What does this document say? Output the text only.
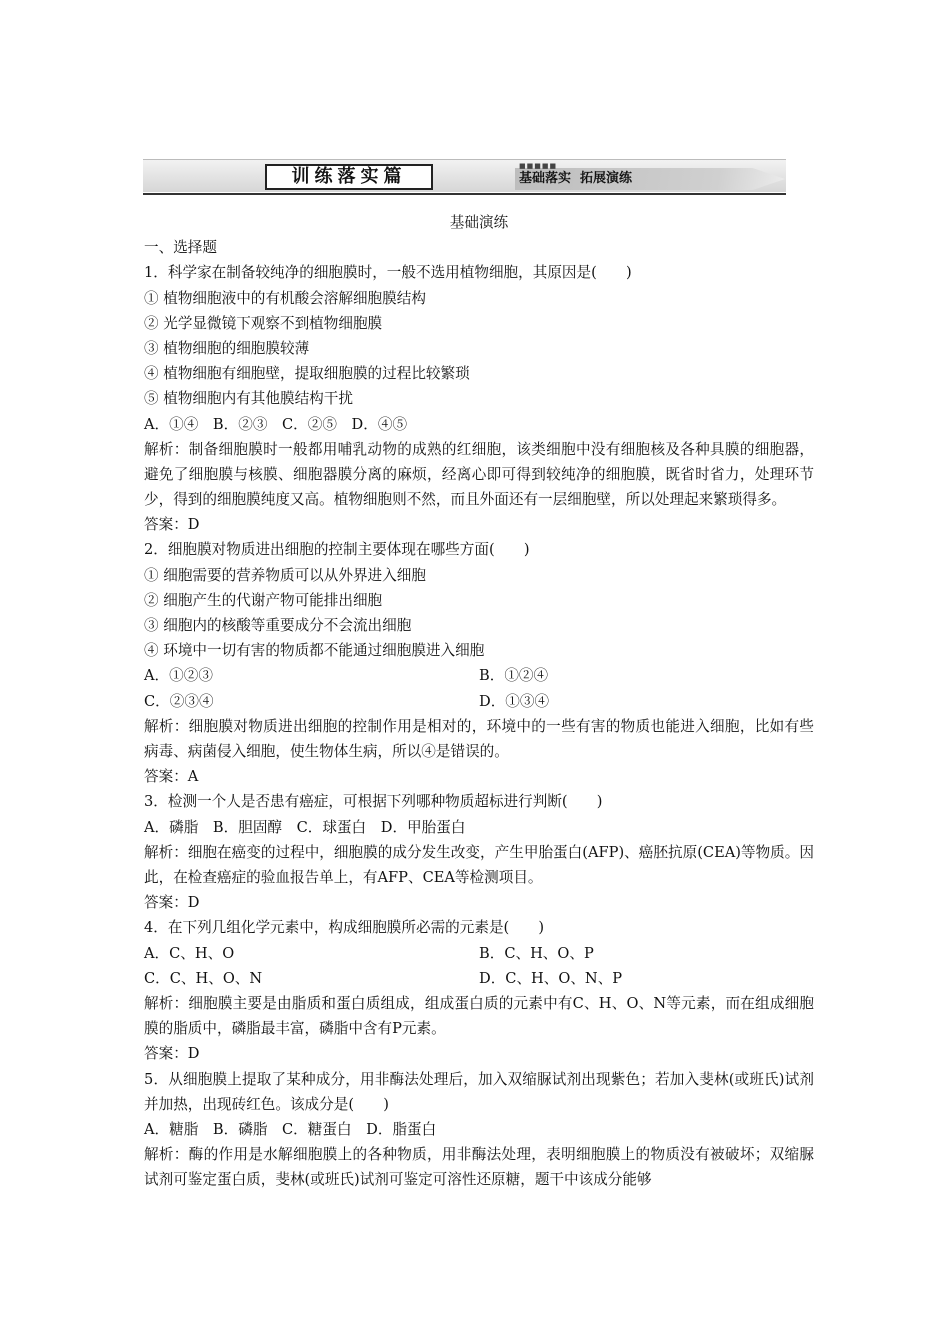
训练落实篇	■■■■■
基础落实  拓展演练
基础演练
一、选择题
1．科学家在制备较纯净的细胞膜时，一般不选用植物细胞，其原因是(　　)
① 植物细胞液中的有机酸会溶解细胞膜结构
② 光学显微镜下观察不到植物细胞膜
③ 植物细胞的细胞膜较薄
④ 植物细胞有细胞壁，提取细胞膜的过程比较繁琐
⑤ 植物细胞内有其他膜结构干扰
A．①④　B．②③　C．②⑤　D．④⑤
解析：制备细胞膜时一般都用哺乳动物的成熟的红细胞，该类细胞中没有细胞核及各种具膜的细胞器，避免了细胞膜与核膜、细胞器膜分离的麻烦，经离心即可得到较纯净的细胞膜，既省时省力，处理环节少，得到的细胞膜纯度又高。植物细胞则不然，而且外面还有一层细胞壁，所以处理起来繁琐得多。
答案：D
2．细胞膜对物质进出细胞的控制主要体现在哪些方面(　　)
① 细胞需要的营养物质可以从外界进入细胞
② 细胞产生的代谢产物可能排出细胞
③ 细胞内的核酸等重要成分不会流出细胞
④ 环境中一切有害的物质都不能通过细胞膜进入细胞
A．①②③	B．①②④
C．②③④	D．①③④
解析：细胞膜对物质进出细胞的控制作用是相对的，环境中的一些有害的物质也能进入细胞，比如有些病毒、病菌侵入细胞，使生物体生病，所以④是错误的。
答案：A
3．检测一个人是否患有癌症，可根据下列哪种物质超标进行判断(　　)
A．磷脂　B．胆固醇　C．球蛋白　D．甲胎蛋白
解析：细胞在癌变的过程中，细胞膜的成分发生改变，产生甲胎蛋白(AFP)、癌胚抗原(CEA)等物质。因此，在检查癌症的验血报告单上，有AFP、CEA等检测项目。
答案：D
4．在下列几组化学元素中，构成细胞膜所必需的元素是(　　)
A．C、H、O	B．C、H、O、P
C．C、H、O、N	D．C、H、O、N、P
解析：细胞膜主要是由脂质和蛋白质组成，组成蛋白质的元素中有C、H、O、N等元素，而在组成细胞膜的脂质中，磷脂最丰富，磷脂中含有P元素。
答案：D
5．从细胞膜上提取了某种成分，用非酶法处理后，加入双缩脲试剂出现紫色；若加入斐林(或班氏)试剂并加热，出现砖红色。该成分是(　　)
A．糖脂　B．磷脂　C．糖蛋白　D．脂蛋白
解析：酶的作用是水解细胞膜上的各种物质，用非酶法处理，表明细胞膜上的物质没有被破坏；双缩脲试剂可鉴定蛋白质，斐林(或班氏)试剂可鉴定可溶性还原糖，题干中该成分能够
